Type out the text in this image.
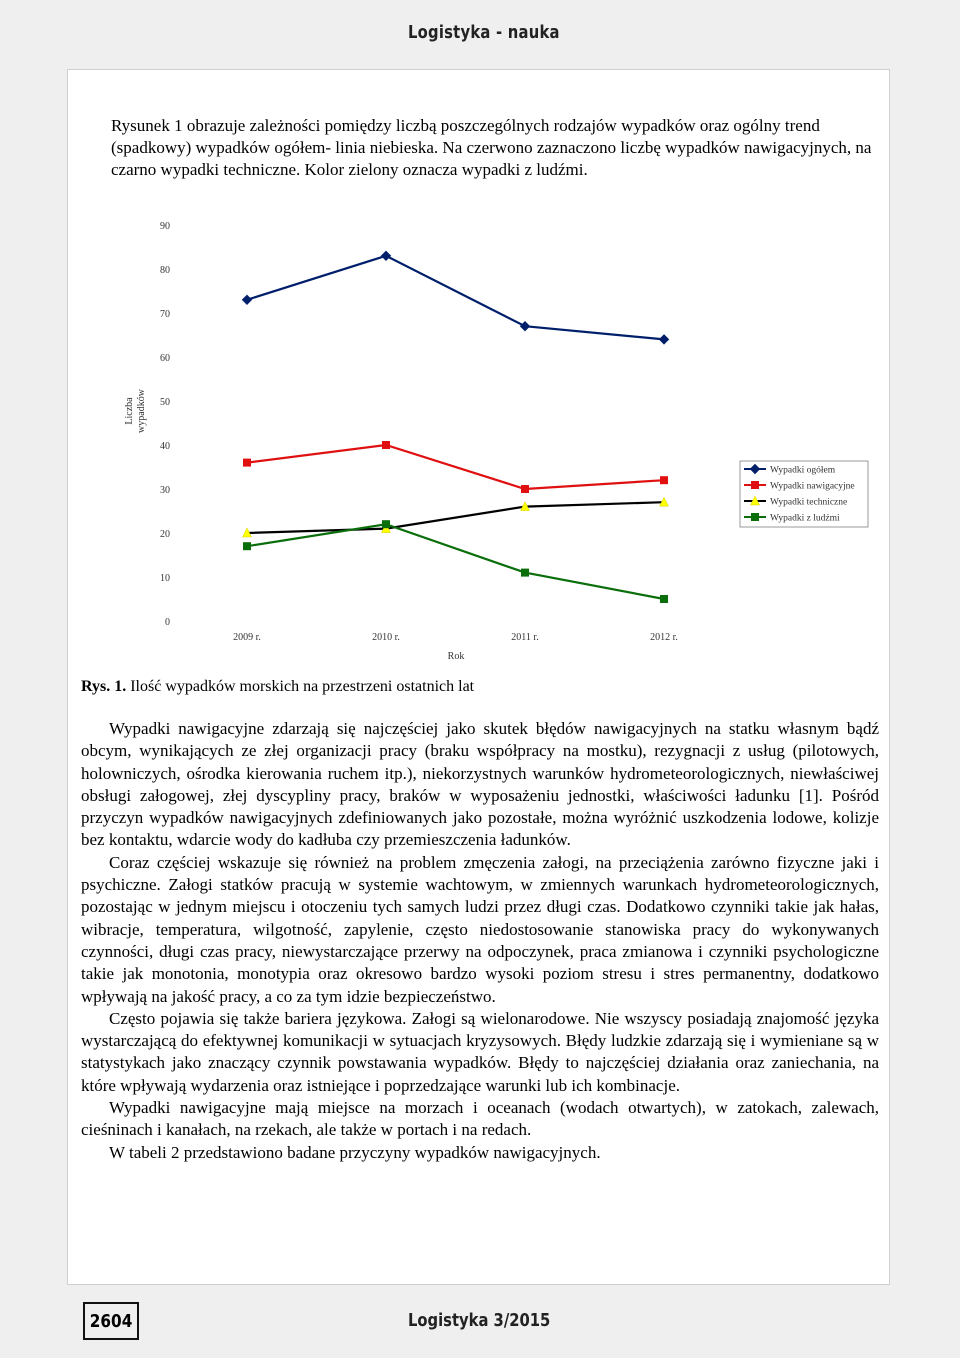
Logistyka - nauka
Rysunek 1 obrazuje zależności pomiędzy liczbą poszczególnych rodzajów wypadków oraz ogólny trend (spadkowy) wypadków ogółem- linia niebieska. Na czerwono zaznaczono liczbę wypadków nawigacyjnych, na czarno wypadki techniczne. Kolor zielony oznacza wypadki z ludźmi.
0
10
20
30
40
50
60
70
80
90
2009 r.	2010 r.	2011 r.	2012 r.
Rok
Liczbawypadków
Wypadki ogółem
Wypadki nawigacyjne
Wypadki techniczne
Wypadki z ludźmi
Rys. 1. Ilość wypadków morskich na przestrzeni ostatnich lat

Wypadki nawigacyjne zdarzają się najczęściej jako skutek błędów nawigacyjnych na statku własnym bądź obcym, wynikających ze złej organizacji pracy (braku współpracy na mostku), rezygnacji z usług (pilotowych, holowniczych, ośrodka kierowania ruchem itp.), niekorzystnych warunków hydrometeorologicznych, niewłaściwej obsługi załogowej, złej dyscypliny pracy, braków w wyposażeniu jednostki, właściwości ładunku [1]. Pośród przyczyn wypadków nawigacyjnych zdefiniowanych jako pozostałe, można wyróżnić uszkodzenia lodowe, kolizje bez kontaktu, wdarcie wody do kadłuba czy przemieszczenia ładunków.

Coraz częściej wskazuje się również na problem zmęczenia załogi, na przeciążenia zarówno fizyczne jaki i psychiczne. Załogi statków pracują w systemie wachtowym, w zmiennych warunkach hydrometeorologicznych, pozostając w jednym miejscu i otoczeniu tych samych ludzi przez długi czas. Dodatkowo czynniki takie jak hałas, wibracje, temperatura, wilgotność, zapylenie, często niedostosowanie stanowiska pracy do wykonywanych czynności, długi czas pracy, niewystarczające przerwy na odpoczynek, praca zmianowa i czynniki psychologiczne takie jak monotonia, monotypia oraz okresowo bardzo wysoki poziom stresu i stres permanentny, dodatkowo wpływają na jakość pracy, a co za tym idzie bezpieczeństwo.

Często pojawia się także bariera językowa. Załogi są wielonarodowe. Nie wszyscy posiadają znajomość języka wystarczającą do efektywnej komunikacji w sytuacjach kryzysowych. Błędy ludzkie zdarzają się i wymieniane są w statystykach jako znaczący czynnik powstawania wypadków. Błędy to najczęściej działania oraz zaniechania, na które wpływają wydarzenia oraz istniejące i poprzedzające warunki lub ich kombinacje.

Wypadki nawigacyjne mają miejsce na morzach i oceanach (wodach otwartych), w zatokach, zalewach, cieśninach i kanałach, na rzekach, ale także w portach i na redach.

W tabeli 2 przedstawiono badane przyczyny wypadków nawigacyjnych.

2604	Logistyka 3/2015
